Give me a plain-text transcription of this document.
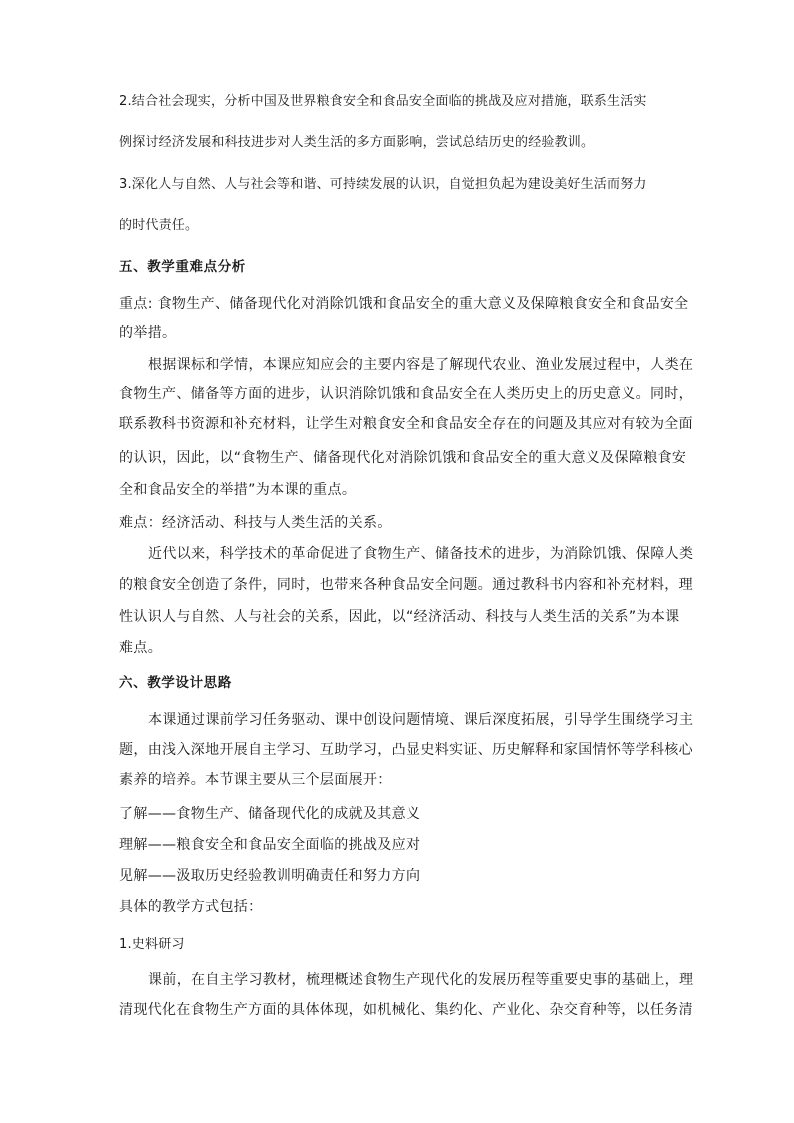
2.结合社会现实，分析中国及世界粮食安全和食品安全面临的挑战及应对措施，联系生活实
例探讨经济发展和科技进步对人类生活的多方面影响，尝试总结历史的经验教训。
3.深化人与自然、人与社会等和谐、可持续发展的认识，自觉担负起为建设美好生活而努力
的时代责任。
五、教学重难点分析
重点: 食物生产、储备现代化对消除饥饿和食品安全的重大意义及保障粮食安全和食品安全
的举措。
根据课标和学情，本课应知应会的主要内容是了解现代农业、渔业发展过程中，人类在
食物生产、储备等方面的进步，认识消除饥饿和食品安全在人类历史上的历史意义。同时，
联系教科书资源和补充材料，让学生对粮食安全和食品安全存在的问题及其应对有较为全面
的认识，因此，以“食物生产、储备现代化对消除饥饿和食品安全的重大意义及保障粮食安
全和食品安全的举措”为本课的重点。
难点：经济活动、科技与人类生活的关系。
近代以来，科学技术的革命促进了食物生产、储备技术的进步，为消除饥饿、保障人类
的粮食安全创造了条件，同时，也带来各种食品安全问题。通过教科书内容和补充材料，理
性认识人与自然、人与社会的关系，因此，以“经济活动、科技与人类生活的关系”为本课
难点。
六、教学设计思路
本课通过课前学习任务驱动、课中创设问题情境、课后深度拓展，引导学生围绕学习主
题，由浅入深地开展自主学习、互助学习，凸显史料实证、历史解释和家国情怀等学科核心
素养的培养。本节课主要从三个层面展开：
了解——食物生产、储备现代化的成就及其意义
理解——粮食安全和食品安全面临的挑战及应对
见解——汲取历史经验教训明确责任和努力方向
具体的教学方式包括：
1.史料研习
课前，在自主学习教材，梳理概述食物生产现代化的发展历程等重要史事的基础上，理
清现代化在食物生产方面的具体体现，如机械化、集约化、产业化、杂交育种等，以任务清
